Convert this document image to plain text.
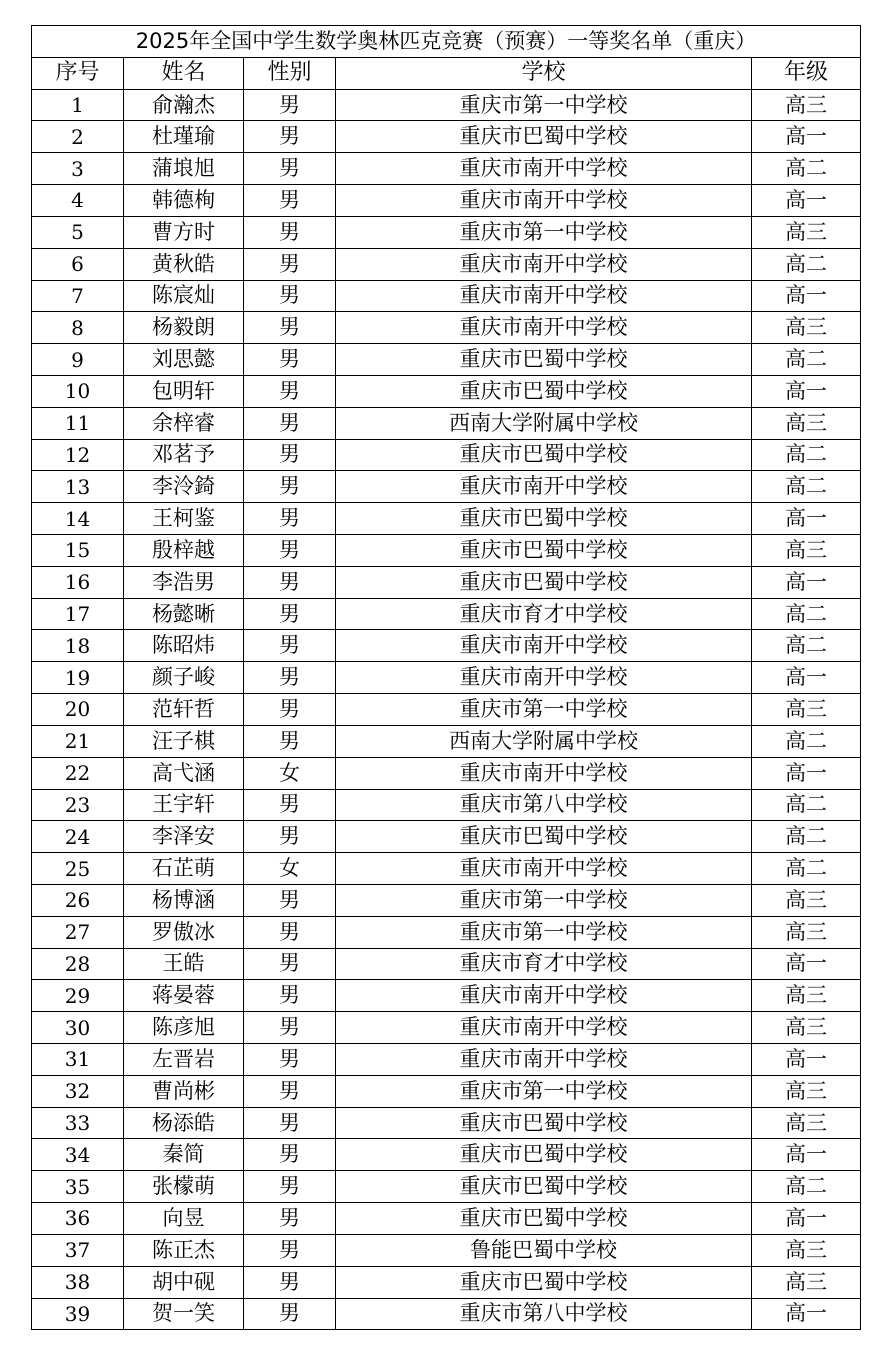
2025年全国中学生数学奥林匹克竞赛（预赛）一等奖名单（重庆）				
序号	姓名	性别	学校	年级
1	俞瀚杰	男	重庆市第一中学校	高三
2	杜瑾瑜	男	重庆市巴蜀中学校	高一
3	蒲埌旭	男	重庆市南开中学校	高二
4	韩德栒	男	重庆市南开中学校	高一
5	曹方时	男	重庆市第一中学校	高三
6	黄秋皓	男	重庆市南开中学校	高二
7	陈宸灿	男	重庆市南开中学校	高一
8	杨毅朗	男	重庆市南开中学校	高三
9	刘思懿	男	重庆市巴蜀中学校	高二
10	包明轩	男	重庆市巴蜀中学校	高一
11	余梓睿	男	西南大学附属中学校	高三
12	邓茗予	男	重庆市巴蜀中学校	高二
13	李泠錡	男	重庆市南开中学校	高二
14	王柯鉴	男	重庆市巴蜀中学校	高一
15	殷梓越	男	重庆市巴蜀中学校	高三
16	李浩男	男	重庆市巴蜀中学校	高一
17	杨懿晰	男	重庆市育才中学校	高二
18	陈昭炜	男	重庆市南开中学校	高二
19	颜子峻	男	重庆市南开中学校	高一
20	范轩哲	男	重庆市第一中学校	高三
21	汪子棋	男	西南大学附属中学校	高二
22	高弋涵	女	重庆市南开中学校	高一
23	王宇轩	男	重庆市第八中学校	高二
24	李泽安	男	重庆市巴蜀中学校	高二
25	石芷萌	女	重庆市南开中学校	高二
26	杨博涵	男	重庆市第一中学校	高三
27	罗傲冰	男	重庆市第一中学校	高三
28	王皓	男	重庆市育才中学校	高一
29	蒋晏蓉	男	重庆市南开中学校	高三
30	陈彦旭	男	重庆市南开中学校	高三
31	左晋岩	男	重庆市南开中学校	高一
32	曹尚彬	男	重庆市第一中学校	高三
33	杨添皓	男	重庆市巴蜀中学校	高三
34	秦简	男	重庆市巴蜀中学校	高一
35	张檬萌	男	重庆市巴蜀中学校	高二
36	向昱	男	重庆市巴蜀中学校	高一
37	陈正杰	男	鲁能巴蜀中学校	高三
38	胡中砚	男	重庆市巴蜀中学校	高三
39	贺一笑	男	重庆市第八中学校	高一
